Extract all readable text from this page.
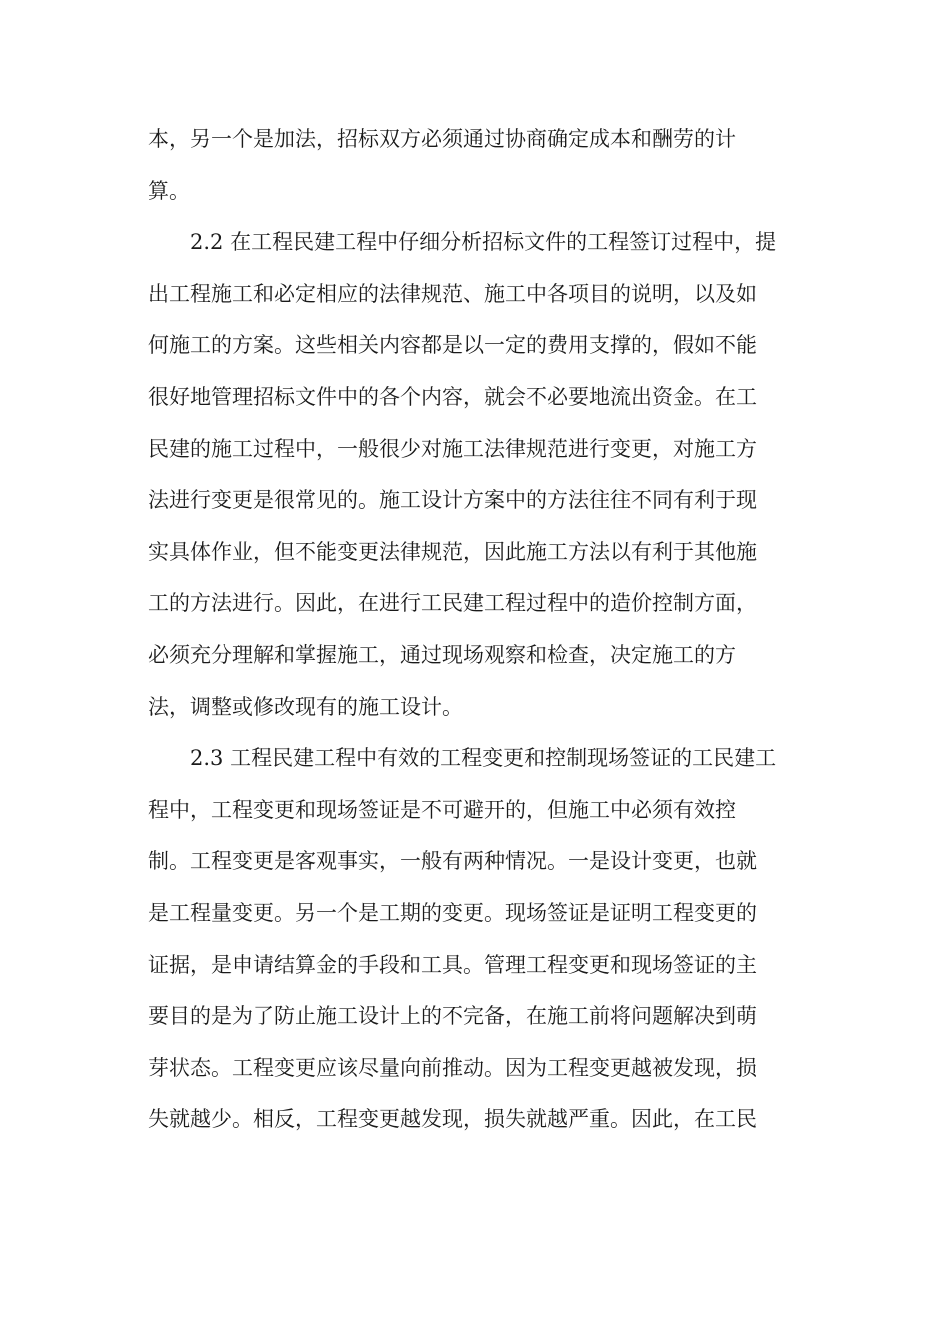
本，另一个是加法，招标双方必须通过协商确定成本和酬劳的计
算。
2.2 在工程民建工程中仔细分析招标文件的工程签订过程中，提
出工程施工和必定相应的法律规范、施工中各项目的说明，以及如
何施工的方案。这些相关内容都是以一定的费用支撑的，假如不能
很好地管理招标文件中的各个内容，就会不必要地流出资金。在工
民建的施工过程中，一般很少对施工法律规范进行变更，对施工方
法进行变更是很常见的。施工设计方案中的方法往往不同有利于现
实具体作业，但不能变更法律规范，因此施工方法以有利于其他施
工的方法进行。因此，在进行工民建工程过程中的造价控制方面，
必须充分理解和掌握施工，通过现场观察和检查，决定施工的方
法，调整或修改现有的施工设计。
2.3 工程民建工程中有效的工程变更和控制现场签证的工民建工
程中，工程变更和现场签证是不可避开的，但施工中必须有效控
制。工程变更是客观事实，一般有两种情况。一是设计变更，也就
是工程量变更。另一个是工期的变更。现场签证是证明工程变更的
证据，是申请结算金的手段和工具。管理工程变更和现场签证的主
要目的是为了防止施工设计上的不完备，在施工前将问题解决到萌
芽状态。工程变更应该尽量向前推动。因为工程变更越被发现，损
失就越少。相反，工程变更越发现，损失就越严重。因此，在工民
